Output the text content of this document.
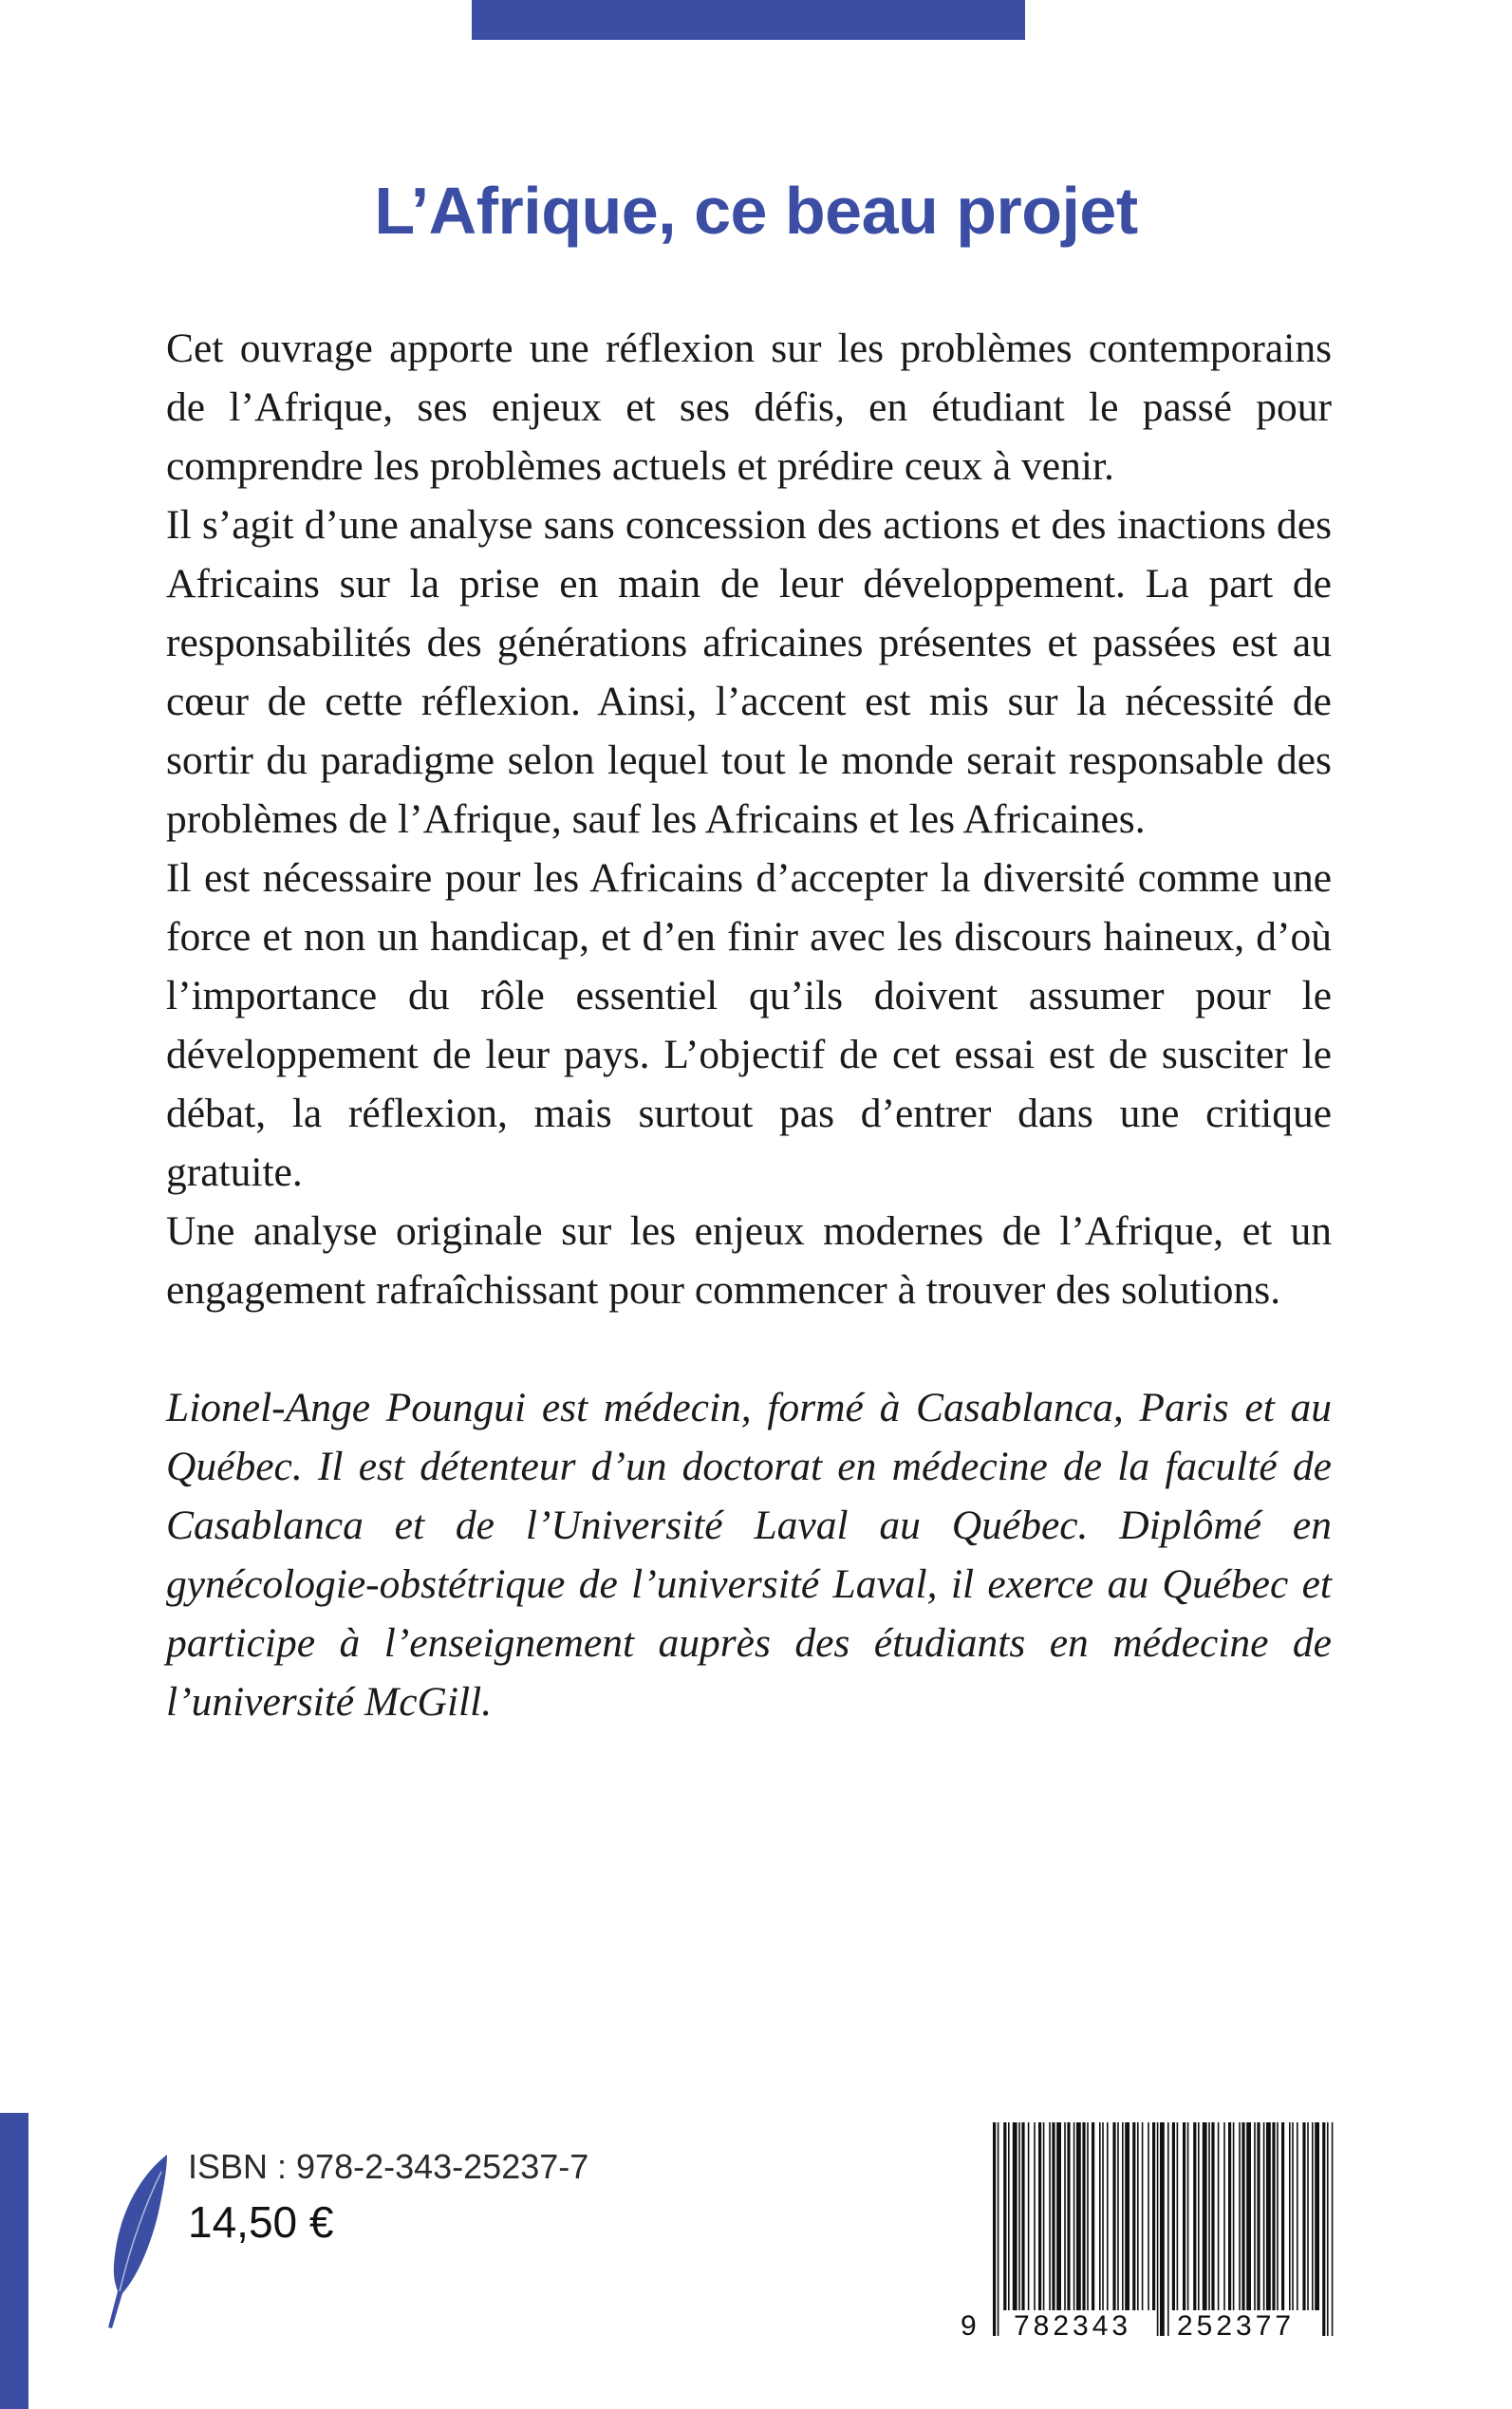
L’Afrique, ce beau projet

Cet ouvrage apporte une réflexion sur les problèmes contemporains de l’Afrique, ses enjeux et ses défis, en étudiant le passé pour comprendre les problèmes actuels et prédire ceux à venir.

Il s’agit d’une analyse sans concession des actions et des inactions des Africains sur la prise en main de leur développement. La part de responsabilités des générations africaines présentes et passées est au cœur de cette réflexion. Ainsi, l’accent est mis sur la nécessité de sortir du paradigme selon lequel tout le monde serait responsable des problèmes de l’Afrique, sauf les Africains et les Africaines.

Il est nécessaire pour les Africains d’accepter la diversité comme une force et non un handicap, et d’en finir avec les discours haineux, d’où l’importance du rôle essentiel qu’ils doivent assumer pour le développement de leur pays. L’objectif de cet essai est de susciter le débat, la réflexion, mais surtout pas d’entrer dans une critique gratuite.

Une analyse originale sur les enjeux modernes de l’Afrique, et un engagement rafraîchissant pour commencer à trouver des solutions.

Lionel-Ange Poungui est médecin, formé à Casablanca, Paris et au Québec. Il est détenteur d’un doctorat en médecine de la faculté de Casablanca et de l’Université Laval au Québec. Diplômé en gynécologie-obstétrique de l’université Laval, il exerce au Québec et participe à l’enseignement auprès des étudiants en médecine de l’université McGill.

ISBN : 978-2-343-25237-7
14,50 €
9 782343 252377
